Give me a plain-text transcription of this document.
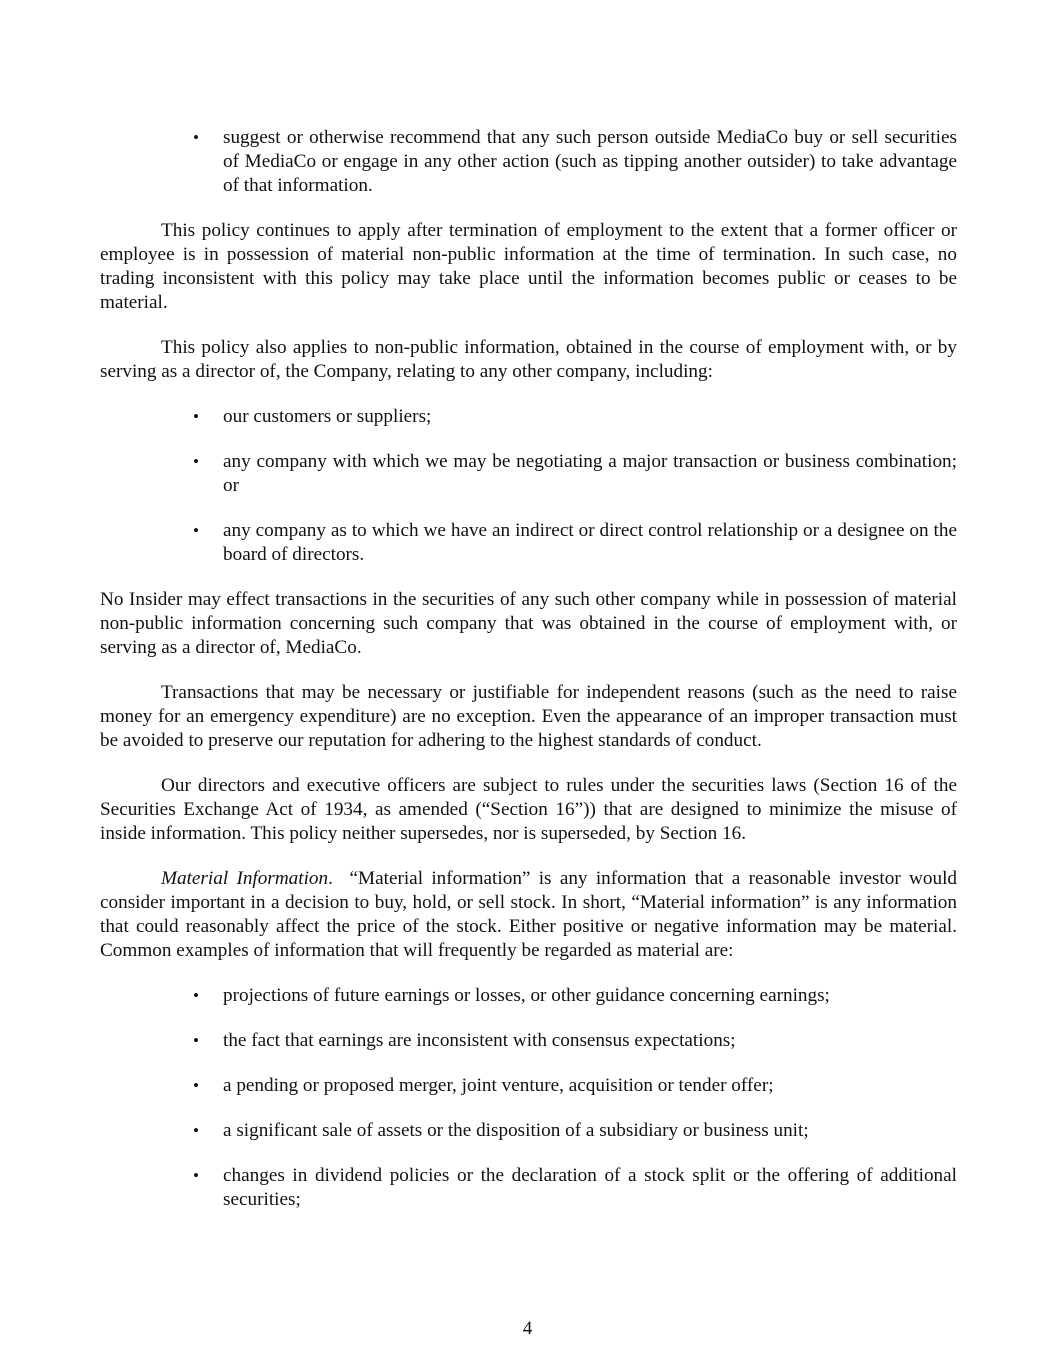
• suggest or otherwise recommend that any such person outside MediaCo buy or sell securities of MediaCo or engage in any other action (such as tipping another outsider) to take advantage of that information.

This policy continues to apply after termination of employment to the extent that a former officer or employee is in possession of material non-public information at the time of termination. In such case, no trading inconsistent with this policy may take place until the information becomes public or ceases to be material.

This policy also applies to non-public information, obtained in the course of employment with, or by serving as a director of, the Company, relating to any other company, including:

• our customers or suppliers;
• any company with which we may be negotiating a major transaction or business combination; or
• any company as to which we have an indirect or direct control relationship or a designee on the board of directors.

No Insider may effect transactions in the securities of any such other company while in possession of material non-public information concerning such company that was obtained in the course of employment with, or serving as a director of, MediaCo.

Transactions that may be necessary or justifiable for independent reasons (such as the need to raise money for an emergency expenditure) are no exception. Even the appearance of an improper transaction must be avoided to preserve our reputation for adhering to the highest standards of conduct.

Our directors and executive officers are subject to rules under the securities laws (Section 16 of the Securities Exchange Act of 1934, as amended (“Section 16”)) that are designed to minimize the misuse of inside information. This policy neither supersedes, nor is superseded, by Section 16.

Material Information. “Material information” is any information that a reasonable investor would consider important in a decision to buy, hold, or sell stock. In short, “Material information” is any information that could reasonably affect the price of the stock. Either positive or negative information may be material. Common examples of information that will frequently be regarded as material are:

• projections of future earnings or losses, or other guidance concerning earnings;
• the fact that earnings are inconsistent with consensus expectations;
• a pending or proposed merger, joint venture, acquisition or tender offer;
• a significant sale of assets or the disposition of a subsidiary or business unit;
• changes in dividend policies or the declaration of a stock split or the offering of additional securities;
4
